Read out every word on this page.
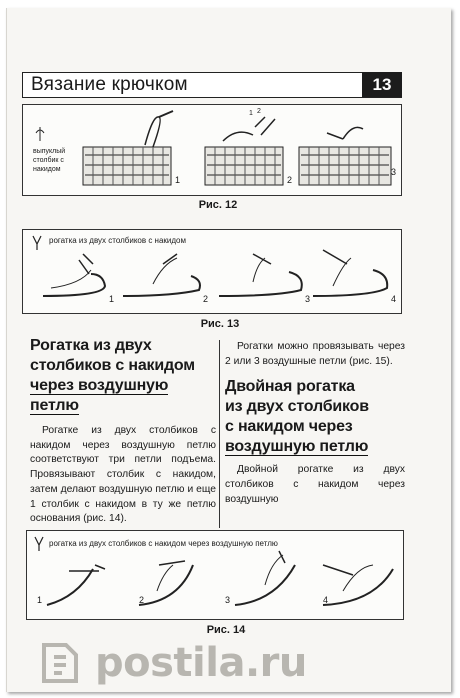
Вязание крючком	13
выпуклый столбик с накидом
1	2
3
1 2
Рис. 12
рогатка из двух столбиков с накидом
1	2	3	4
Рис. 13
Рогатка из двух
столбиков с накидом
через воздушную петлю

Рогатке из двух столбиков с накидом через воздушную петлю соответствуют три петли подъема. Провязывают столбик с накидом, затем делают воздушную петлю и еще 1 столбик с накидом в ту же петлю основания (рис. 14).

Рогатки можно провязывать через 2 или 3 воздушные петли (рис. 15).

Двойная рогатка
из двух столбиков
с накидом через
воздушную петлю

Двойной рогатке из двух столбиков с накидом через воздушную

рогатка из двух столбиков с накидом через воздушную петлю
1	2	3	4
Рис. 14
postila.ru
